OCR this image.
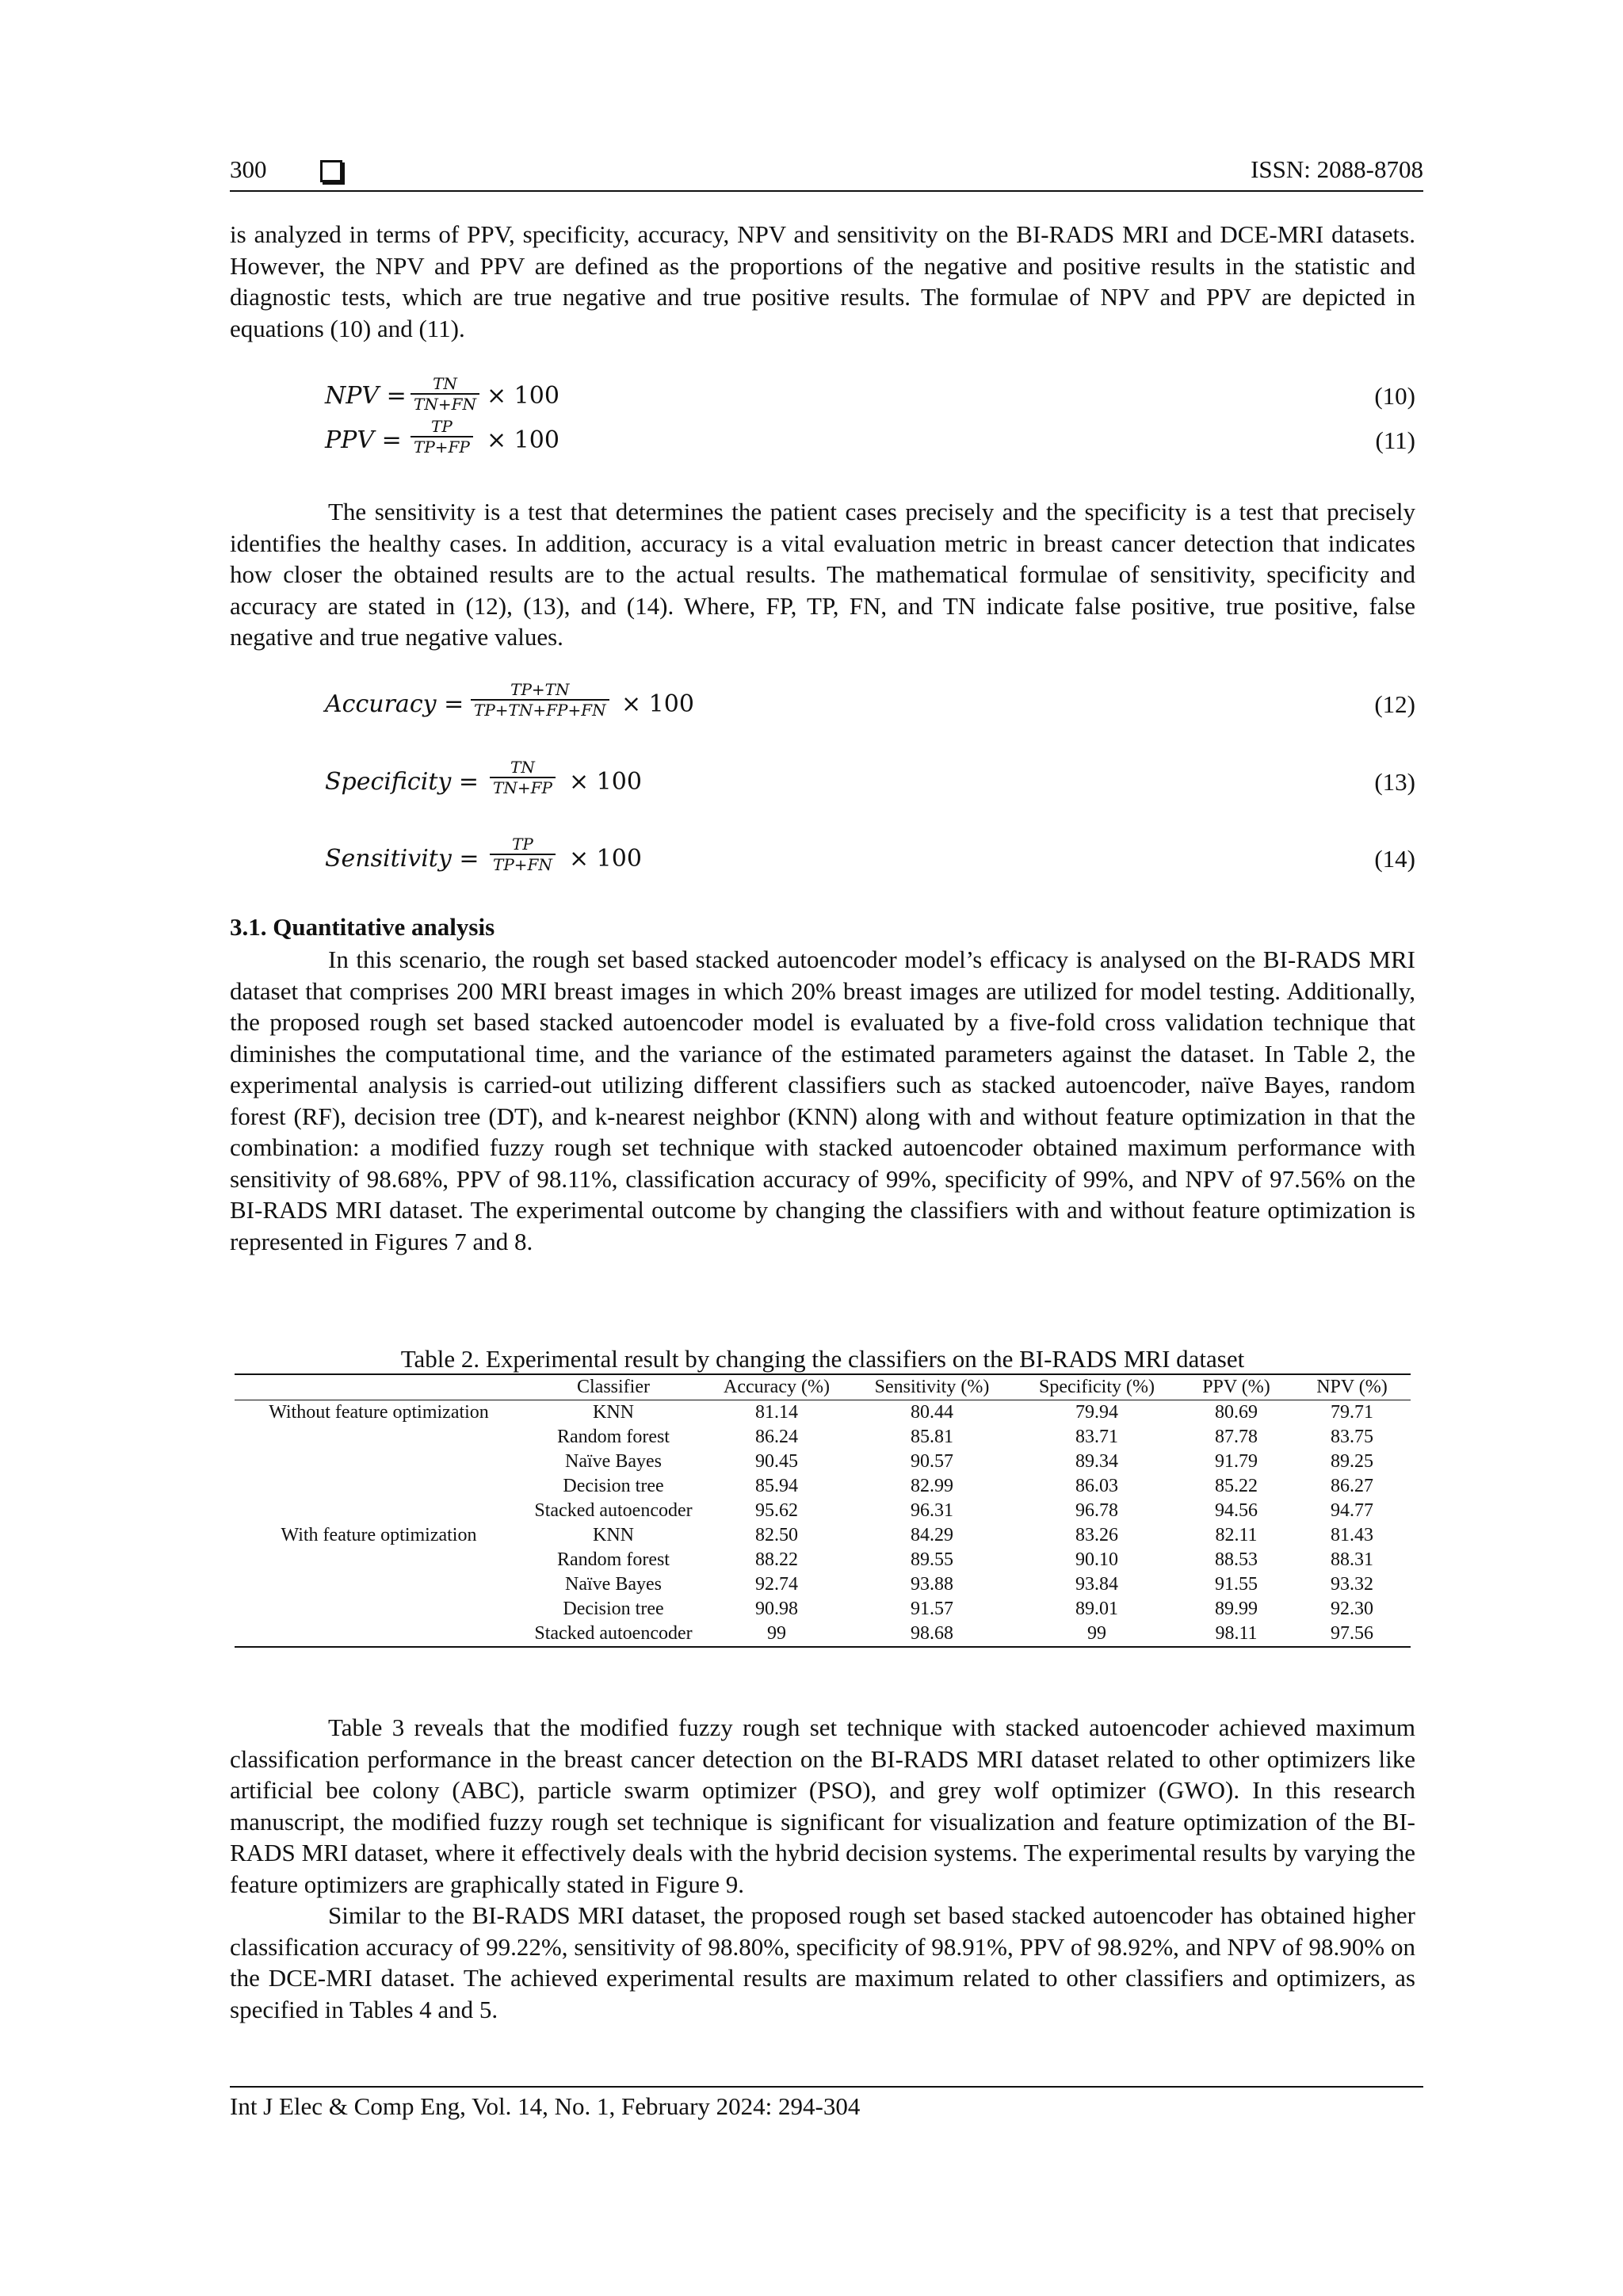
300	ISSN: 2088-8708

is analyzed in terms of PPV, specificity, accuracy, NPV and sensitivity on the BI-RADS MRI and DCE-MRI datasets. However, the NPV and PPV are defined as the proportions of the negative and positive results in the statistic and diagnostic tests, which are true negative and true positive results. The formulae of NPV and PPV are depicted in equations (10) and (11).

NPV = $\frac{TN}{TN+FN} \times 100$	(10)
PPV = $\frac{TP}{TP+FP} \times 100$	(11)

The sensitivity is a test that determines the patient cases precisely and the specificity is a test that precisely identifies the healthy cases. In addition, accuracy is a vital evaluation metric in breast cancer detection that indicates how closer the obtained results are to the actual results. The mathematical formulae of sensitivity, specificity and accuracy are stated in (12), (13), and (14). Where, FP, TP, FN, and TN indicate false positive, true positive, false negative and true negative values.

Accuracy = $\frac{TP+TN}{TP+TN+FP+FN} \times 100$	(12)
Specificity = $\frac{TN}{TN+FP} \times 100$	(13)
Sensitivity = $\frac{TP}{TP+FN} \times 100$	(14)
3.1. Quantitative analysis

In this scenario, the rough set based stacked autoencoder model’s efficacy is analysed on the BI-RADS MRI dataset that comprises 200 MRI breast images in which 20% breast images are utilized for model testing. Additionally, the proposed rough set based stacked autoencoder model is evaluated by a five-fold cross validation technique that diminishes the computational time, and the variance of the estimated parameters against the dataset. In Table 2, the experimental analysis is carried-out utilizing different classifiers such as stacked autoencoder, naïve Bayes, random forest (RF), decision tree (DT), and k-nearest neighbor (KNN) along with and without feature optimization in that the combination: a modified fuzzy rough set technique with stacked autoencoder obtained maximum performance with sensitivity of 98.68%, PPV of 98.11%, classification accuracy of 99%, specificity of 99%, and NPV of 97.56% on the BI-RADS MRI dataset. The experimental outcome by changing the classifiers with and without feature optimization is represented in Figures 7 and 8.

Table 2. Experimental result by changing the classifiers on the BI-RADS MRI dataset
	Classifier	Accuracy (%)	Sensitivity (%)	Specificity (%)	PPV (%)	NPV (%)
Without feature optimization	KNN	81.14	80.44	79.94	80.69	79.71
	Random forest	86.24	85.81	83.71	87.78	83.75
	Naïve Bayes	90.45	90.57	89.34	91.79	89.25
	Decision tree	85.94	82.99	86.03	85.22	86.27
	Stacked autoencoder	95.62	96.31	96.78	94.56	94.77
With feature optimization	KNN	82.50	84.29	83.26	82.11	81.43
	Random forest	88.22	89.55	90.10	88.53	88.31
	Naïve Bayes	92.74	93.88	93.84	91.55	93.32
	Decision tree	90.98	91.57	89.01	89.99	92.30
	Stacked autoencoder	99	98.68	99	98.11	97.56

Table 3 reveals that the modified fuzzy rough set technique with stacked autoencoder achieved maximum classification performance in the breast cancer detection on the BI-RADS MRI dataset related to other optimizers like artificial bee colony (ABC), particle swarm optimizer (PSO), and grey wolf optimizer (GWO). In this research manuscript, the modified fuzzy rough set technique is significant for visualization and feature optimization of the BI-RADS MRI dataset, where it effectively deals with the hybrid decision systems. The experimental results by varying the feature optimizers are graphically stated in Figure 9.

Similar to the BI-RADS MRI dataset, the proposed rough set based stacked autoencoder has obtained higher classification accuracy of 99.22%, sensitivity of 98.80%, specificity of 98.91%, PPV of 98.92%, and NPV of 98.90% on the DCE-MRI dataset. The achieved experimental results are maximum related to other classifiers and optimizers, as specified in Tables 4 and 5.

Int J Elec & Comp Eng, Vol. 14, No. 1, February 2024: 294-304
